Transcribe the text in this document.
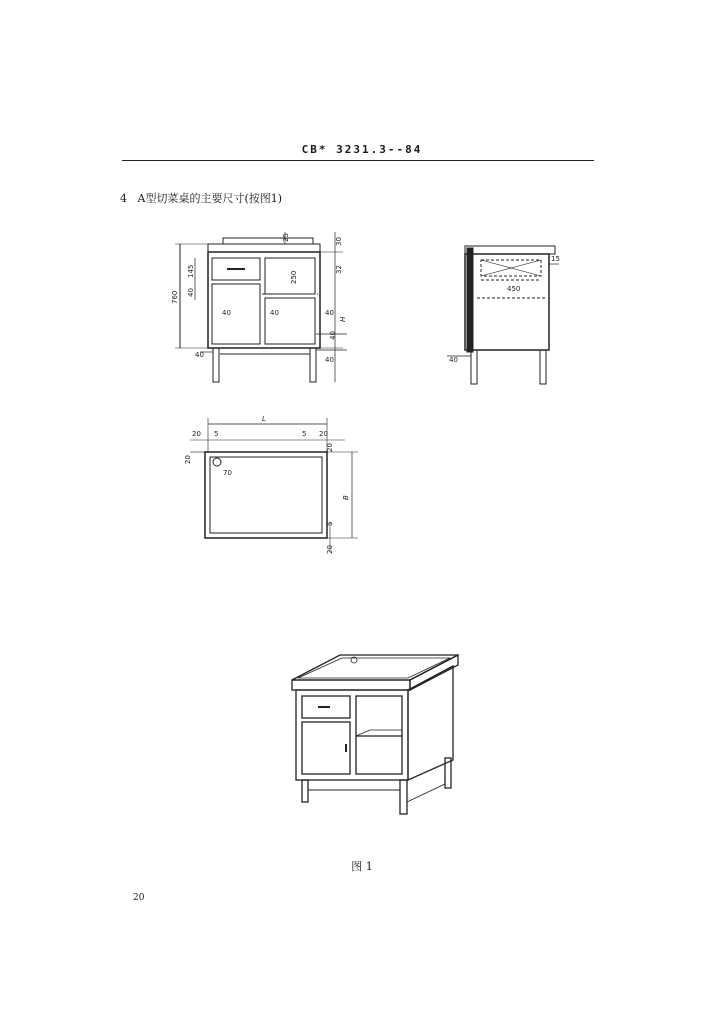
CB* 3231.3--84
4 A型切菜桌的主要尺寸(按图1)
25	30
145
760
250
32
40
40	40	40
H
40
40
40
15
450
40
L
20 5	5 20
20
20
70
B
5
20
图 1
20
